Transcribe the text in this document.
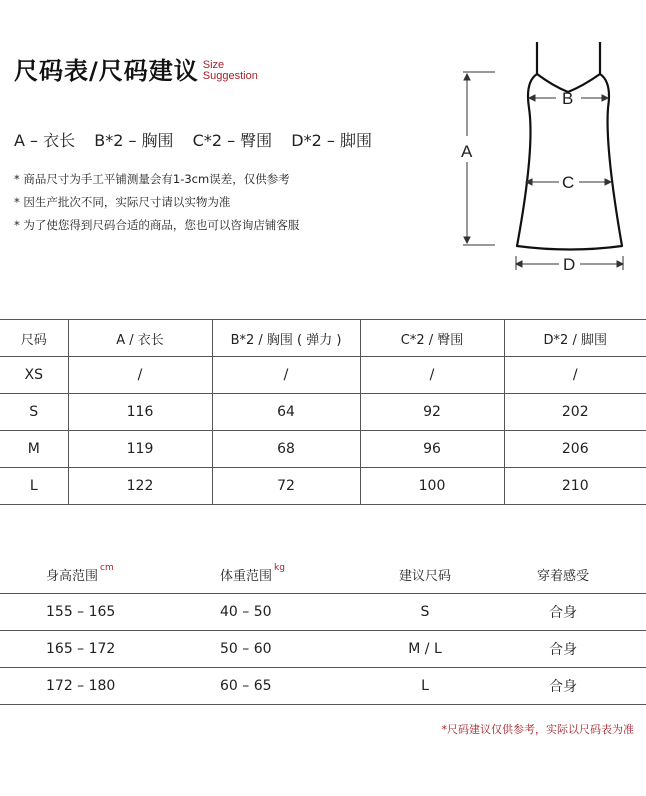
尺码表/尺码建议 Size
Suggestion
A – 衣长 B*2 – 胸围 C*2 – 臀围 D*2 – 脚围
* 商品尺寸为手工平铺测量会有1-3cm误差，仅供参考
* 因生产批次不同，实际尺寸请以实物为准
* 为了使您得到尺码合适的商品，您也可以咨询店铺客服
A
B
C
D
尺码	A / 衣长	B*2 / 胸围 ( 弹力 )	C*2 / 臀围	D*2 / 脚围
XS	/	/	/	/
S	116	64	92	202
M	119	68	96	206
L	122	72	100	210
身高范围$^{cm}$	体重范围$^{kg}$	建议尺码	穿着感受
155 – 165	40 – 50	S	合身
165 – 172	50 – 60	M / L	合身
172 – 180	60 – 65	L	合身
*尺码建议仅供参考，实际以尺码表为准
